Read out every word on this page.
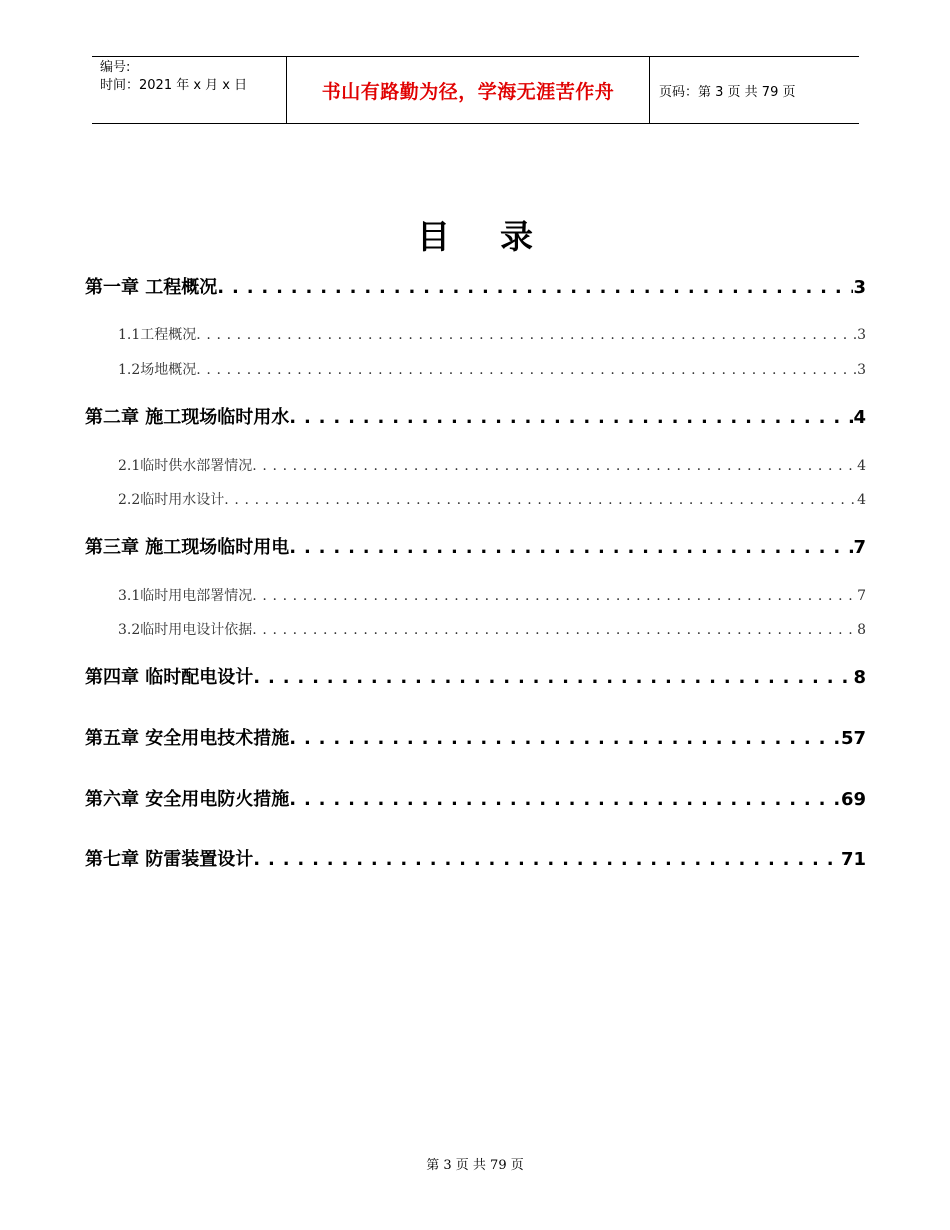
编号:
时间：2021 年 x 月 x 日	书山有路勤为径，学海无涯苦作舟	页码：第 3 页 共 79 页
目录
第一章 工程概况 . . .	3
1.1工程概况 . . .	3
1.2场地概况 . . .	3
第二章 施工现场临时用水 . . .	4
2.1临时供水部署情况 . . .	4
2.2临时用水设计 . . .	4
第三章 施工现场临时用电 . . .	7
3.1临时用电部署情况 . . .	7
3.2临时用电设计依据 . . .	8
第四章 临时配电设计 . . .	8
第五章 安全用电技术措施 . . .	57
第六章 安全用电防火措施 . . .	69
第七章 防雷装置设计 . . .	71
第 3 页 共 79 页
